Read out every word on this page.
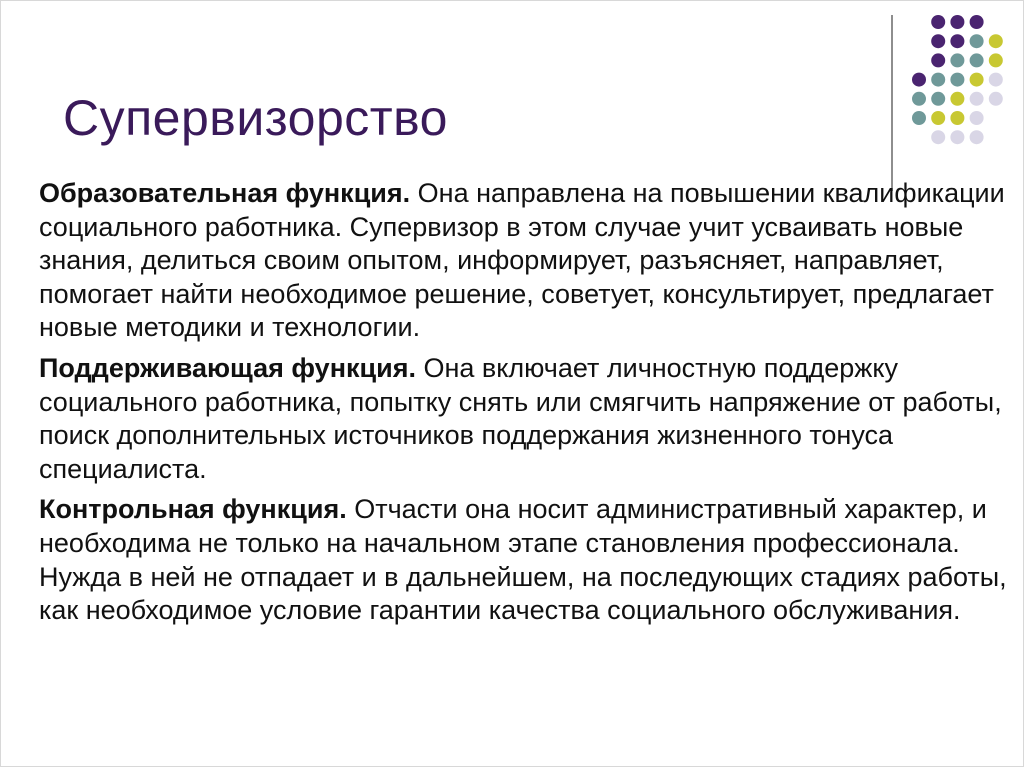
Супервизорство

Образовательная функция. Она направлена на повышении квалификации социального работника. Супервизор в этом случае учит усваивать новые знания, делиться своим опытом, информирует, разъясняет, направляет, помогает найти необходимое решение, советует, консультирует, предлагает новые методики и технологии.

Поддерживающая функция. Она включает личностную поддержку социального работника, попытку снять или смягчить напряжение от работы, поиск дополнительных источников поддержания жизненного тонуса специалиста.

Контрольная функция. Отчасти она носит административный характер, и необходима не только на начальном этапе становления профессионала. Нужда в ней не отпадает и в дальнейшем, на последующих стадиях работы, как необходимое условие гарантии качества социального обслуживания.
